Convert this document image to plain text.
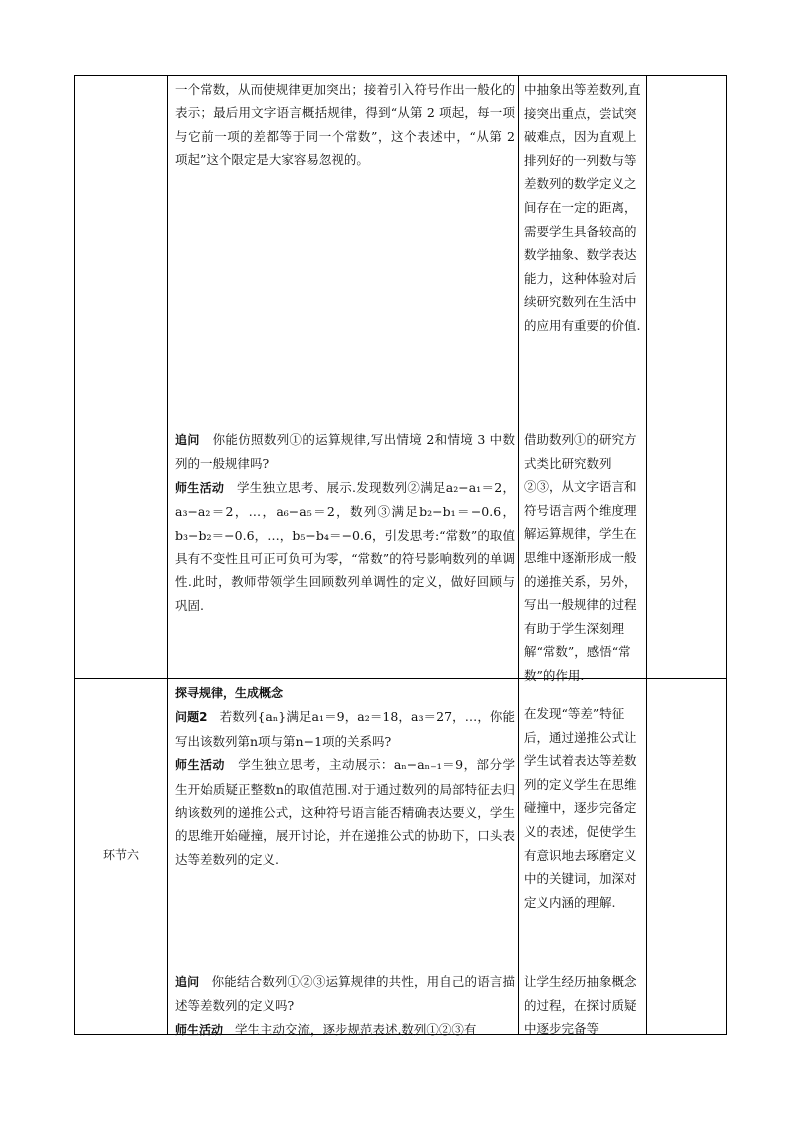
一个常数，从而使规律更加突出；接着引入符号作出一般化的表示；最后用文字语言概括规律，得到“从第 2 项起，每一项与它前一项的差都等于同一个常数”，这个表述中，“从第 2 项起”这个限定是大家容易忽视的。

追问 你能仿照数列①的运算规律,写出情境 2和情境 3 中数列的一般规律吗?

师生活动 学生独立思考、展示.发现数列②满足a₂−a₁＝2，a₃−a₂＝2，…，a₆−a₅＝2，数列③满足b₂−b₁＝−0.6，b₃−b₂＝−0.6，…，b₅−b₄＝−0.6，引发思考:“常数”的取值具有不变性且可正可负可为零，“常数”的符号影响数列的单调性.此时，教师带领学生回顾数列单调性的定义，做好回顾与巩固.

中抽象出等差数列,直接突出重点，尝试突破难点，因为直观上排列好的一列数与等差数列的数学定义之间存在一定的距离，需要学生具备较高的数学抽象、数学表达能力，这种体验对后续研究数列在生活中的应用有重要的价值.

借助数列①的研究方式类比研究数列②③，从文字语言和符号语言两个维度理解运算规律，学生在思维中逐渐形成一般的递推关系，另外，写出一般规律的过程有助于学生深刻理解“常数”，感悟“常数”的作用.

环节六

探寻规律，生成概念

问题2 若数列{aₙ}满足a₁＝9，a₂＝18，a₃＝27，…，你能写出该数列第n项与第n−1项的关系吗?

师生活动 学生独立思考，主动展示：aₙ−aₙ₋₁＝9，部分学生开始质疑正整数n的取值范围.对于通过数列的局部特征去归纳该数列的递推公式，这种符号语言能否精确表达要义，学生的思维开始碰撞，展开讨论，并在递推公式的协助下，口头表达等差数列的定义.

追问 你能结合数列①②③运算规律的共性，用自己的语言描述等差数列的定义吗?

师生活动 学生主动交流，逐步规范表述.数列①②③有

在发现“等差”特征后，通过递推公式让学生试着表达等差数列的定义学生在思维碰撞中，逐步完备定义的表述，促使学生有意识地去琢磨定义中的关键词，加深对定义内涵的理解.

让学生经历抽象概念的过程，在探讨质疑中逐步完备等
